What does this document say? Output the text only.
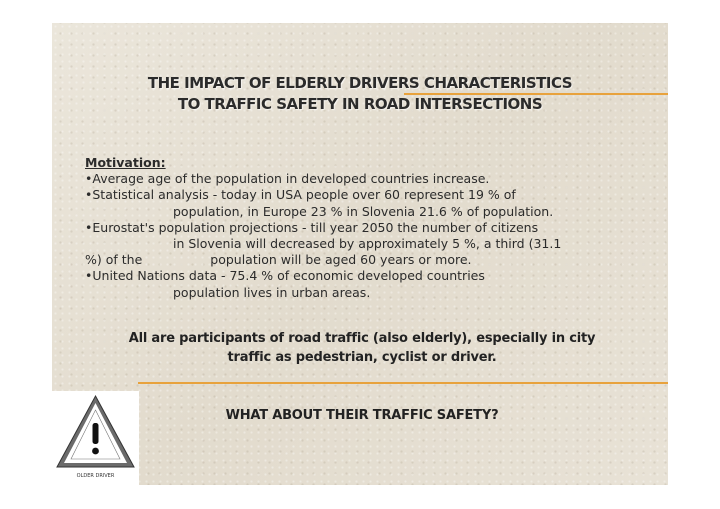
THE IMPACT OF ELDERLY DRIVERS CHARACTERISTICS
TO TRAFFIC SAFETY IN ROAD INTERSECTIONS
Motivation:
•Average age of the population in developed countries increase.
•Statistical analysis - today in USA people over 60 represent 19 % of
population, in Europe 23 % in Slovenia 21.6 % of population.
•Eurostat's population projections - till year 2050 the number of citizens
in Slovenia will decreased by approximately 5 %, a third (31.1
%) of the	population will be aged 60 years or more.
•United Nations data - 75.4 % of economic developed countries
population lives in urban areas.
All are participants of road traffic (also elderly), especially in city
traffic as pedestrian, cyclist or driver.
WHAT ABOUT THEIR TRAFFIC SAFETY?
OLDER DRIVER
